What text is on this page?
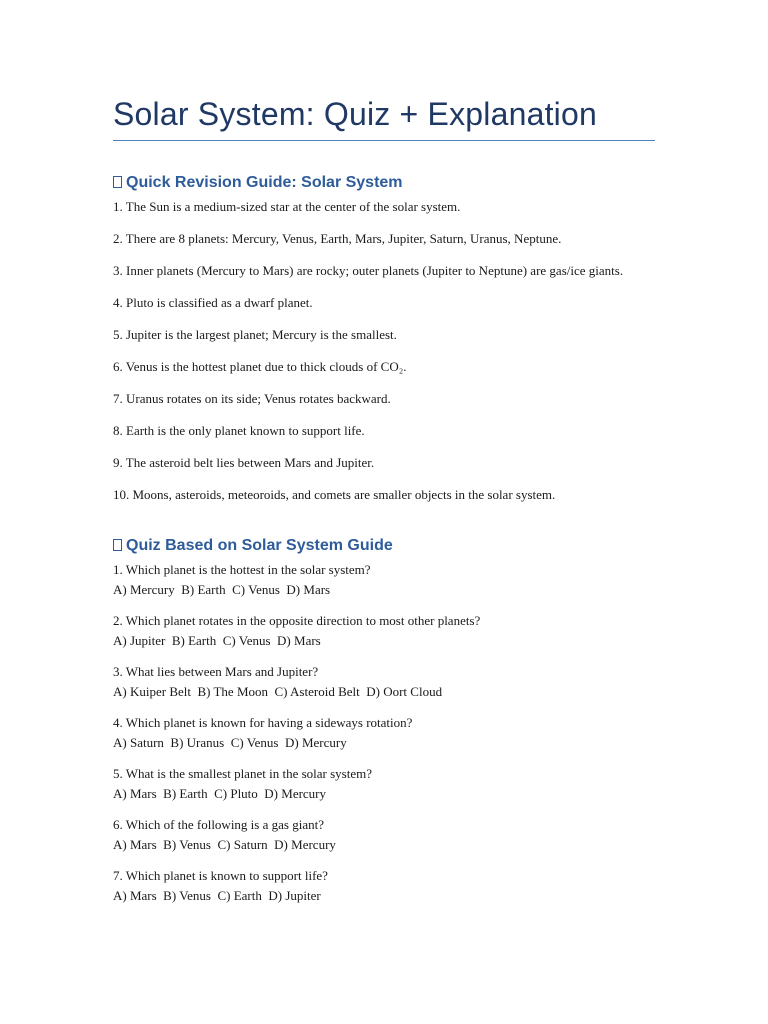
Solar System: Quiz + Explanation
Quick Revision Guide: Solar System
1. The Sun is a medium-sized star at the center of the solar system.
2. There are 8 planets: Mercury, Venus, Earth, Mars, Jupiter, Saturn, Uranus, Neptune.
3. Inner planets (Mercury to Mars) are rocky; outer planets (Jupiter to Neptune) are gas/ice giants.
4. Pluto is classified as a dwarf planet.
5. Jupiter is the largest planet; Mercury is the smallest.
6. Venus is the hottest planet due to thick clouds of CO₂.
7. Uranus rotates on its side; Venus rotates backward.
8. Earth is the only planet known to support life.
9. The asteroid belt lies between Mars and Jupiter.
10. Moons, asteroids, meteoroids, and comets are smaller objects in the solar system.
Quiz Based on Solar System Guide
1. Which planet is the hottest in the solar system?
A) Mercury  B) Earth  C) Venus  D) Mars
2. Which planet rotates in the opposite direction to most other planets?
A) Jupiter  B) Earth  C) Venus  D) Mars
3. What lies between Mars and Jupiter?
A) Kuiper Belt  B) The Moon  C) Asteroid Belt  D) Oort Cloud
4. Which planet is known for having a sideways rotation?
A) Saturn  B) Uranus  C) Venus  D) Mercury
5. What is the smallest planet in the solar system?
A) Mars  B) Earth  C) Pluto  D) Mercury
6. Which of the following is a gas giant?
A) Mars  B) Venus  C) Saturn  D) Mercury
7. Which planet is known to support life?
A) Mars  B) Venus  C) Earth  D) Jupiter
